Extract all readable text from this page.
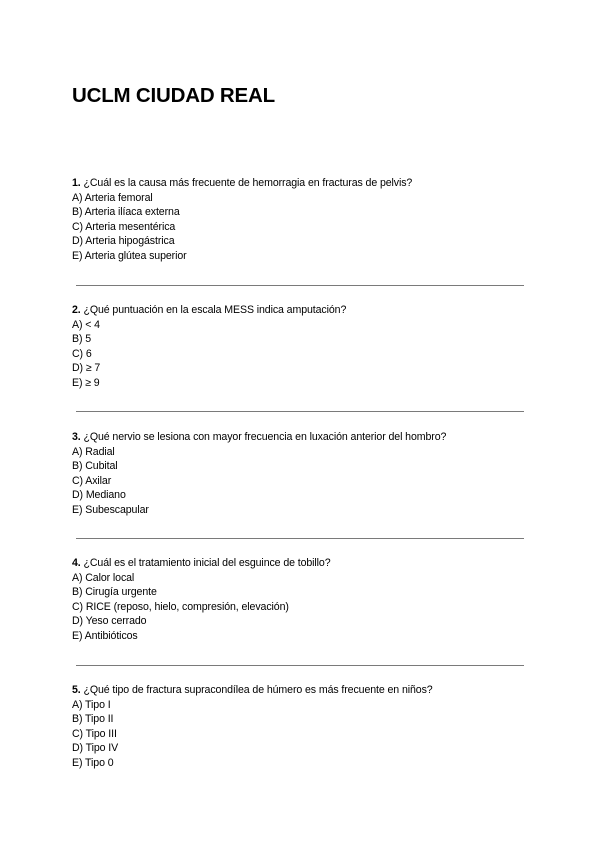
UCLM CIUDAD REAL
1. ¿Cuál es la causa más frecuente de hemorragia en fracturas de pelvis?
A) Arteria femoral
B) Arteria ilíaca externa
C) Arteria mesentérica
D) Arteria hipogástrica
E) Arteria glútea superior
2. ¿Qué puntuación en la escala MESS indica amputación?
A) < 4
B) 5
C) 6
D) ≥ 7
E) ≥ 9
3. ¿Qué nervio se lesiona con mayor frecuencia en luxación anterior del hombro?
A) Radial
B) Cubital
C) Axilar
D) Mediano
E) Subescapular
4. ¿Cuál es el tratamiento inicial del esguince de tobillo?
A) Calor local
B) Cirugía urgente
C) RICE (reposo, hielo, compresión, elevación)
D) Yeso cerrado
E) Antibióticos
5. ¿Qué tipo de fractura supracondílea de húmero es más frecuente en niños?
A) Tipo I
B) Tipo II
C) Tipo III
D) Tipo IV
E) Tipo 0
